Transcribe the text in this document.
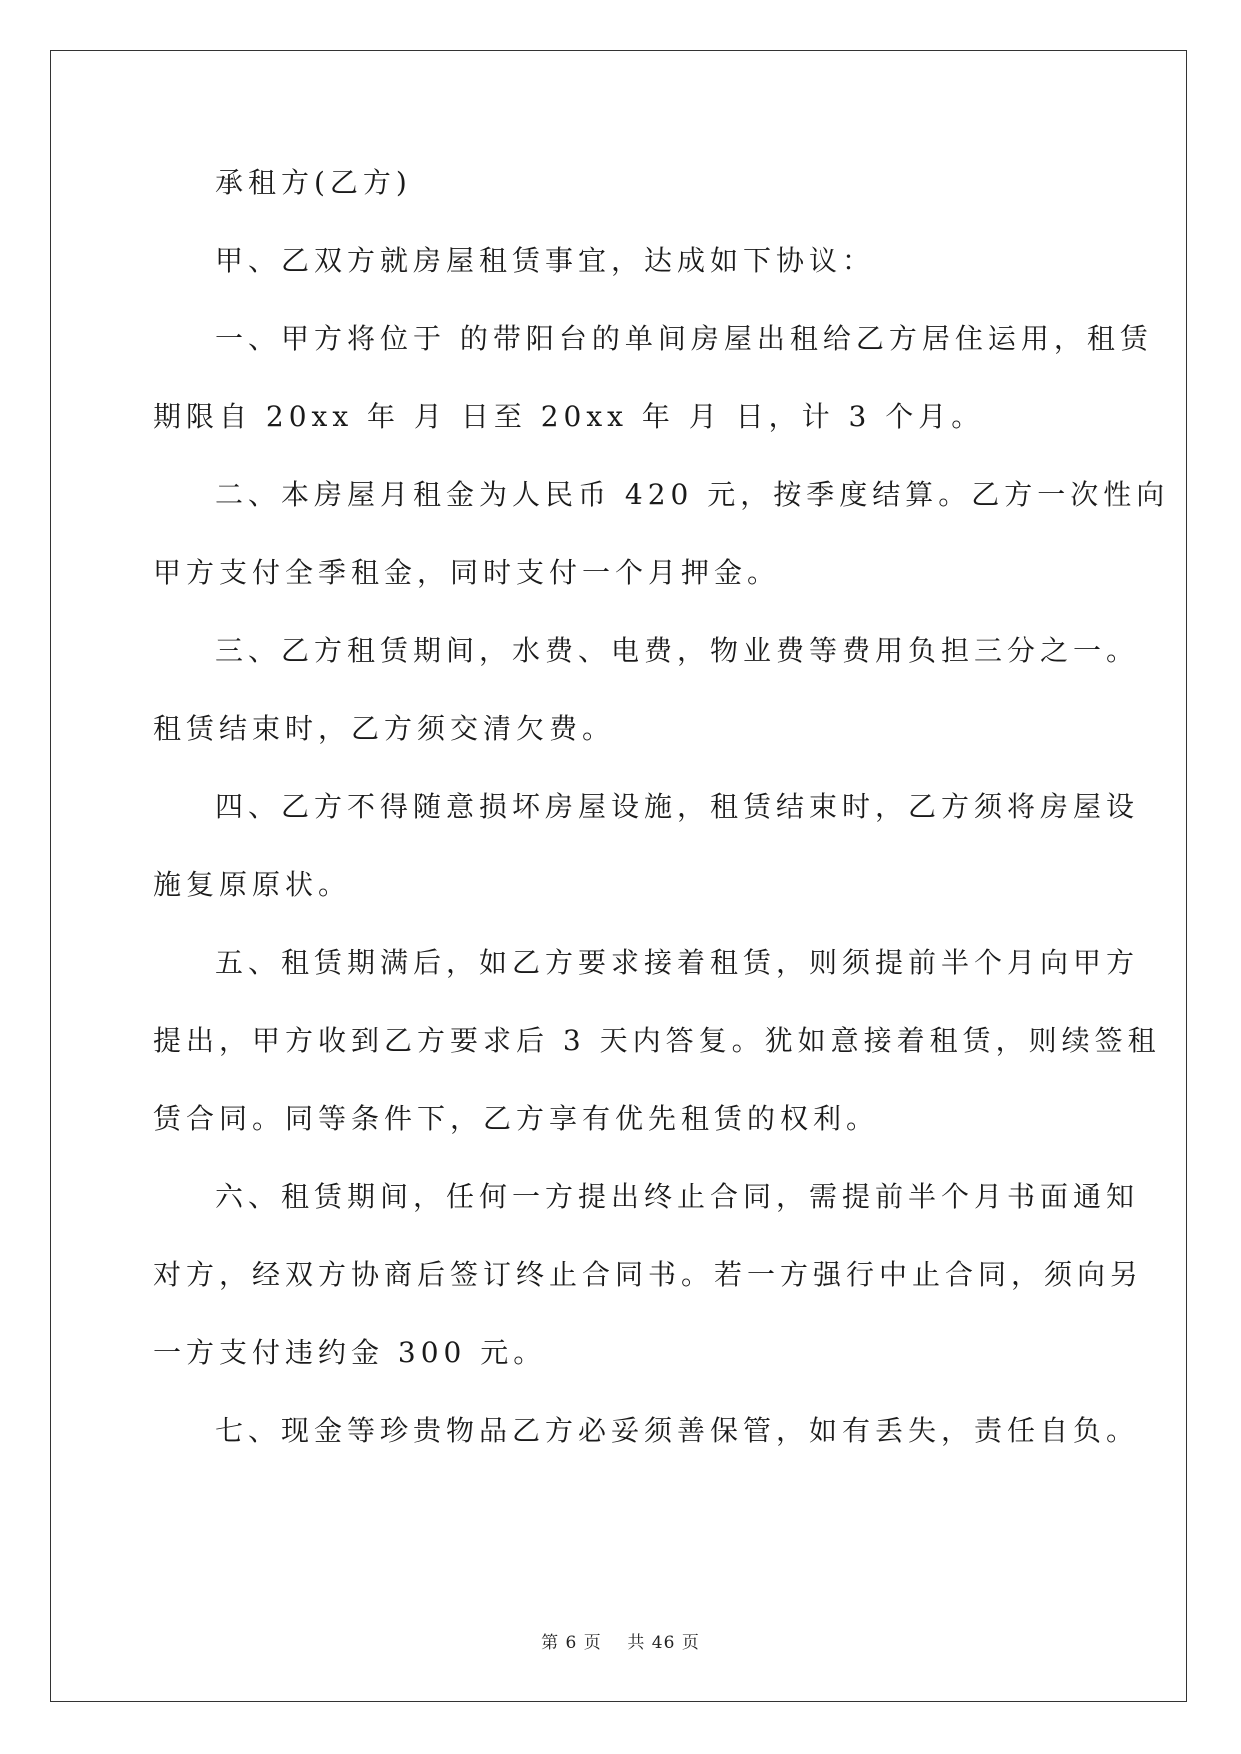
承租方(乙方)
甲、乙双方就房屋租赁事宜，达成如下协议：
一、甲方将位于 的带阳台的单间房屋出租给乙方居住运用，租赁
期限自 20xx 年 月 日至 20xx 年 月 日，计 3 个月。
二、本房屋月租金为人民币 420 元，按季度结算。乙方一次性向
甲方支付全季租金，同时支付一个月押金。
三、乙方租赁期间，水费、电费，物业费等费用负担三分之一。
租赁结束时，乙方须交清欠费。
四、乙方不得随意损坏房屋设施，租赁结束时，乙方须将房屋设
施复原原状。
五、租赁期满后，如乙方要求接着租赁，则须提前半个月向甲方
提出，甲方收到乙方要求后 3 天内答复。犹如意接着租赁，则续签租
赁合同。同等条件下，乙方享有优先租赁的权利。
六、租赁期间，任何一方提出终止合同，需提前半个月书面通知
对方，经双方协商后签订终止合同书。若一方强行中止合同，须向另
一方支付违约金 300 元。
七、现金等珍贵物品乙方必妥须善保管，如有丢失，责任自负。
第 6 页 共 46 页
